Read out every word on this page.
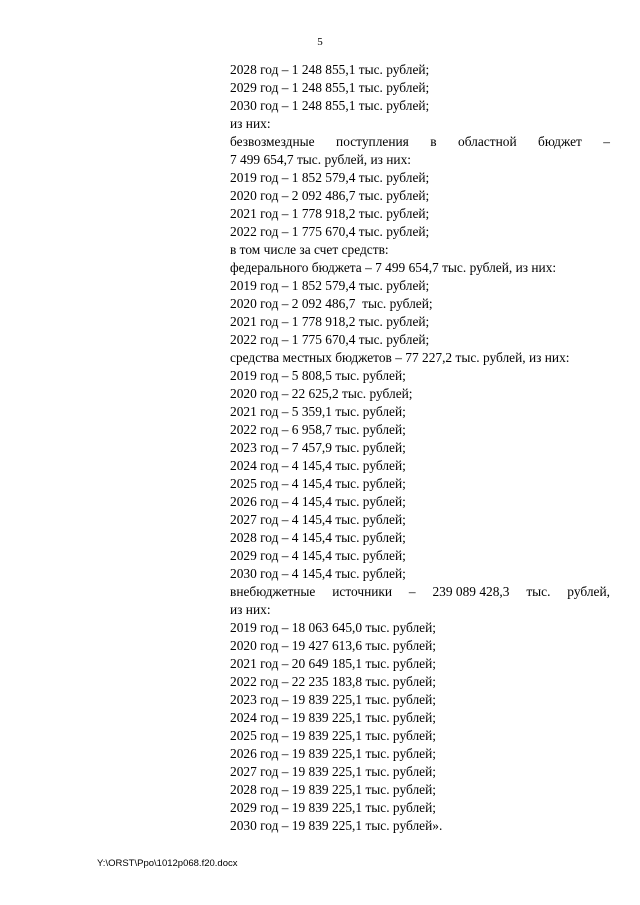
5
2028 год – 1 248 855,1 тыс. рублей;
2029 год – 1 248 855,1 тыс. рублей;
2030 год – 1 248 855,1 тыс. рублей;
из них:
безвозмездные поступления в областной бюджет –
7 499 654,7 тыс. рублей, из них:
2019 год – 1 852 579,4 тыс. рублей;
2020 год – 2 092 486,7 тыс. рублей;
2021 год – 1 778 918,2 тыс. рублей;
2022 год – 1 775 670,4 тыс. рублей;
в том числе за счет средств:
федерального бюджета – 7 499 654,7 тыс. рублей, из них:
2019 год – 1 852 579,4 тыс. рублей;
2020 год – 2 092 486,7  тыс. рублей;
2021 год – 1 778 918,2 тыс. рублей;
2022 год – 1 775 670,4 тыс. рублей;
средства местных бюджетов – 77 227,2 тыс. рублей, из них:
2019 год – 5 808,5 тыс. рублей;
2020 год – 22 625,2 тыс. рублей;
2021 год – 5 359,1 тыс. рублей;
2022 год – 6 958,7 тыс. рублей;
2023 год – 7 457,9 тыс. рублей;
2024 год – 4 145,4 тыс. рублей;
2025 год – 4 145,4 тыс. рублей;
2026 год – 4 145,4 тыс. рублей;
2027 год – 4 145,4 тыс. рублей;
2028 год – 4 145,4 тыс. рублей;
2029 год – 4 145,4 тыс. рублей;
2030 год – 4 145,4 тыс. рублей;
внебюджетные источники – 239 089 428,3 тыс. рублей,
из них:
2019 год – 18 063 645,0 тыс. рублей;
2020 год – 19 427 613,6 тыс. рублей;
2021 год – 20 649 185,1 тыс. рублей;
2022 год – 22 235 183,8 тыс. рублей;
2023 год – 19 839 225,1 тыс. рублей;
2024 год – 19 839 225,1 тыс. рублей;
2025 год – 19 839 225,1 тыс. рублей;
2026 год – 19 839 225,1 тыс. рублей;
2027 год – 19 839 225,1 тыс. рублей;
2028 год – 19 839 225,1 тыс. рублей;
2029 год – 19 839 225,1 тыс. рублей;
2030 год – 19 839 225,1 тыс. рублей».
Y:\ORST\Ppo\1012p068.f20.docx
